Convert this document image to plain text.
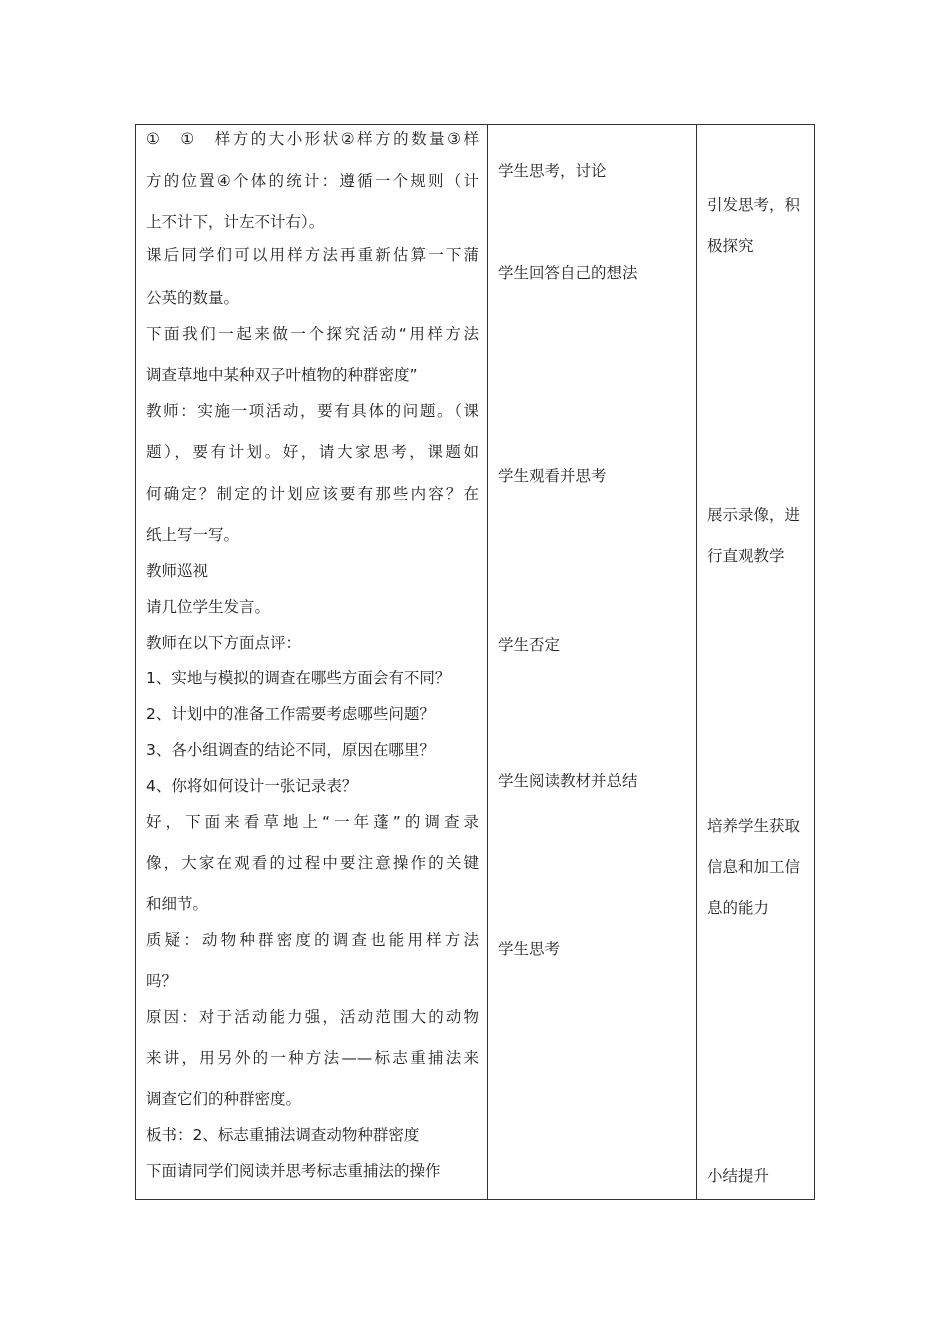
①　①　样方的大小形状②样方的数量③样
方的位置④个体的统计：遵循一个规则（计
上不计下，计左不计右）。
课后同学们可以用样方法再重新估算一下蒲
公英的数量。
下面我们一起来做一个探究活动“用样方法
调查草地中某种双子叶植物的种群密度”
教师：实施一项活动，要有具体的问题。（课
题），要有计划。好，请大家思考，课题如
何确定？制定的计划应该要有那些内容？在
纸上写一写。
教师巡视
请几位学生发言。
教师在以下方面点评：
1、实地与模拟的调查在哪些方面会有不同？
2、计划中的准备工作需要考虑哪些问题？
3、各小组调查的结论不同，原因在哪里？
4、你将如何设计一张记录表？
好，下面来看草地上“一年蓬”的调查录
像，大家在观看的过程中要注意操作的关键
和细节。
质疑：动物种群密度的调查也能用样方法
吗？
原因：对于活动能力强，活动范围大的动物
来讲，用另外的一种方法——标志重捕法来
调查它们的种群密度。
板书：2、标志重捕法调查动物种群密度
下面请同学们阅读并思考标志重捕法的操作
学生思考，讨论
学生回答自己的想法
学生观看并思考
学生否定
学生阅读教材并总结
学生思考
引发思考，积
极探究
展示录像，进
行直观教学
培养学生获取
信息和加工信
息的能力
小结提升
